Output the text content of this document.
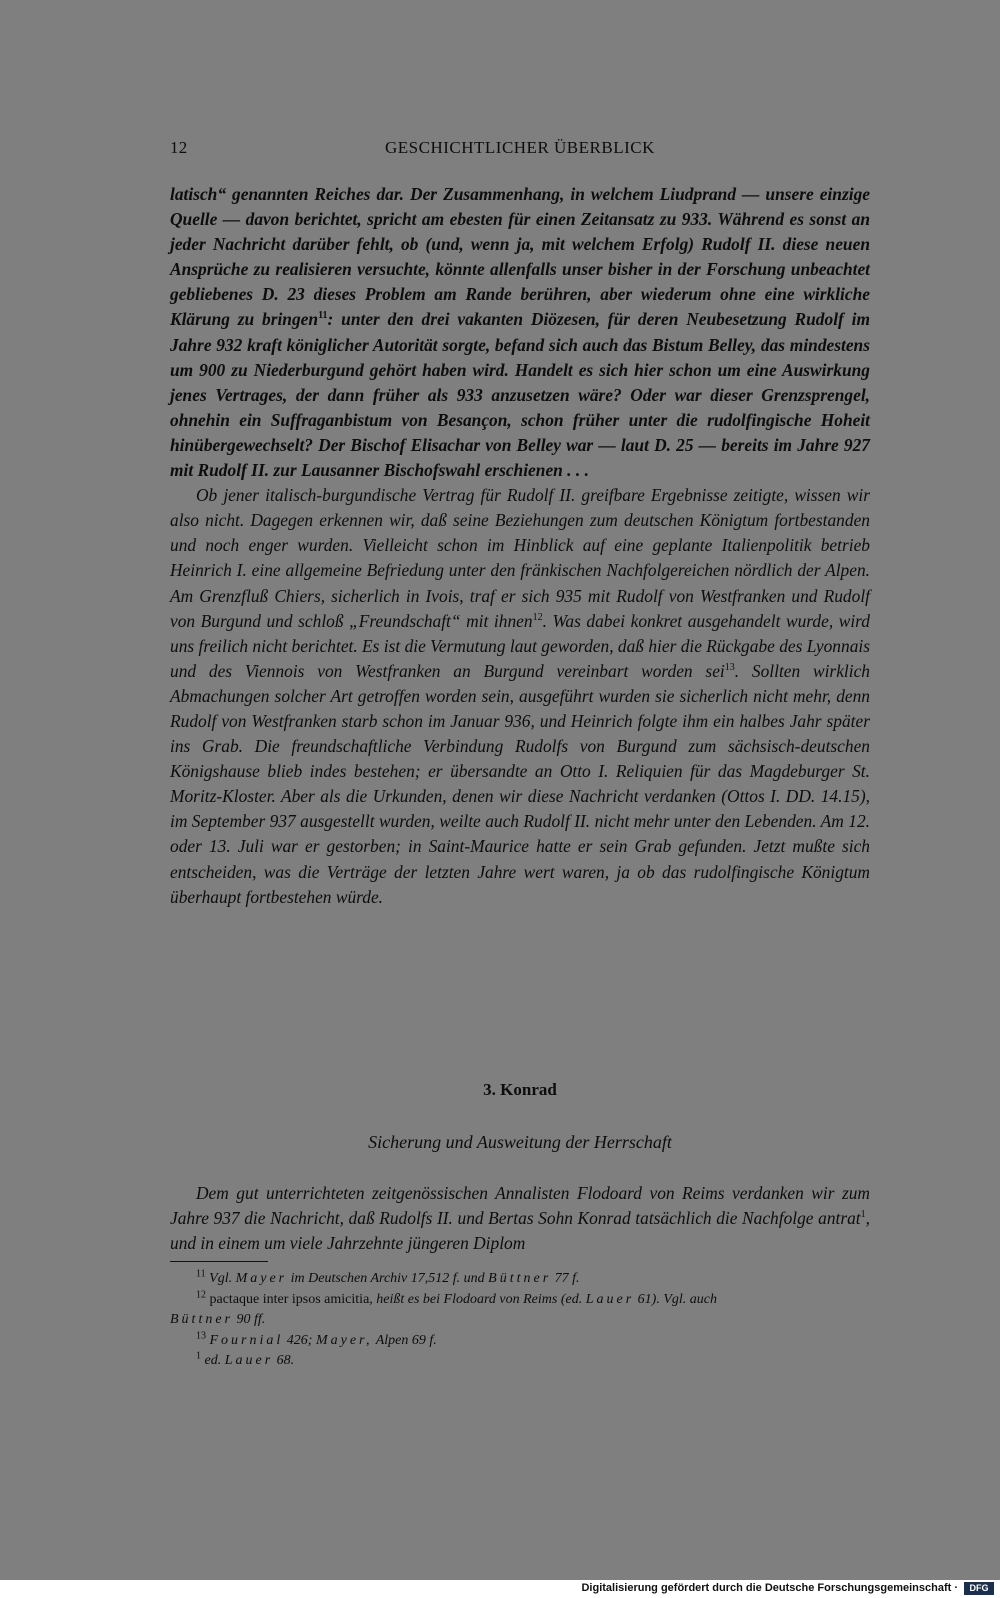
12	GESCHICHTLICHER ÜBERBLICK

latisch“ genannten Reiches dar. Der Zusammenhang, in welchem Liudprand — unsere einzige Quelle — davon berichtet, spricht am ebesten für einen Zeitansatz zu 933. Während es sonst an jeder Nachricht darüber fehlt, ob (und, wenn ja, mit welchem Erfolg) Rudolf II. diese neuen Ansprüche zu realisieren versuchte, könnte allenfalls unser bisher in der Forschung unbeachtet gebliebenes D. 23 dieses Problem am Rande berühren, aber wiederum ohne eine wirkliche Klärung zu bringen$^{11}$: unter den drei vakanten Diözesen, für deren Neubesetzung Rudolf im Jahre 932 kraft königlicher Autorität sorgte, befand sich auch das Bistum Belley, das mindestens um 900 zu Niederburgund gehört haben wird. Handelt es sich hier schon um eine Auswirkung jenes Vertrages, der dann früher als 933 anzusetzen wäre? Oder war dieser Grenzsprengel, ohnehin ein Suffraganbistum von Besançon, schon früher unter die rudolfingische Hoheit hinübergewechselt? Der Bischof Elisachar von Belley war — laut D. 25 — bereits im Jahre 927 mit Rudolf II. zur Lausanner Bischofswahl erschienen . . .

Ob jener italisch-burgundische Vertrag für Rudolf II. greifbare Ergebnisse zeitigte, wissen wir also nicht. Dagegen erkennen wir, daß seine Beziehungen zum deutschen Königtum fortbestanden und noch enger wurden. Vielleicht schon im Hinblick auf eine geplante Italienpolitik betrieb Heinrich I. eine allgemeine Befriedung unter den fränkischen Nachfolgereichen nördlich der Alpen. Am Grenzfluß Chiers, sicherlich in Ivois, traf er sich 935 mit Rudolf von Westfranken und Rudolf von Burgund und schloß „Freundschaft“ mit ihnen$^{12}$. Was dabei konkret ausgehandelt wurde, wird uns freilich nicht berichtet. Es ist die Vermutung laut geworden, daß hier die Rückgabe des Lyonnais und des Viennois von Westfranken an Burgund vereinbart worden sei$^{13}$. Sollten wirklich Abmachungen solcher Art getroffen worden sein, ausgeführt wurden sie sicherlich nicht mehr, denn Rudolf von Westfranken starb schon im Januar 936, und Heinrich folgte ihm ein halbes Jahr später ins Grab. Die freundschaftliche Verbindung Rudolfs von Burgund zum sächsisch-deutschen Königshause blieb indes bestehen; er übersandte an Otto I. Reliquien für das Magdeburger St. Moritz-Kloster. Aber als die Urkunden, denen wir diese Nachricht verdanken (Ottos I. DD. 14.15), im September 937 ausgestellt wurden, weilte auch Rudolf II. nicht mehr unter den Lebenden. Am 12. oder 13. Juli war er gestorben; in Saint-Maurice hatte er sein Grab gefunden. Jetzt mußte sich entscheiden, was die Verträge der letzten Jahre wert waren, ja ob das rudolfingische Königtum überhaupt fortbestehen würde.

3. Konrad
Sicherung und Ausweitung der Herrschaft

Dem gut unterrichteten zeitgenössischen Annalisten Flodoard von Reims verdanken wir zum Jahre 937 die Nachricht, daß Rudolfs II. und Bertas Sohn Konrad tatsächlich die Nachfolge antrat$^1$, und in einem um viele Jahrzehnte jüngeren Diplom

$^{11}$ Vgl. Mayer im Deutschen Archiv 17,512 f. und Büttner 77 f.

$^{12}$ pactaque inter ipsos amicitia, heißt es bei Flodoard von Reims (ed. Lauer 61). Vgl. auch

Büttner 90 ff.

$^{13}$ Fournial 426; Mayer, Alpen 69 f.

$^1$ ed. Lauer 68.

Digitalisierung gefördert durch die Deutsche Forschungsgemeinschaft ·	DFG
